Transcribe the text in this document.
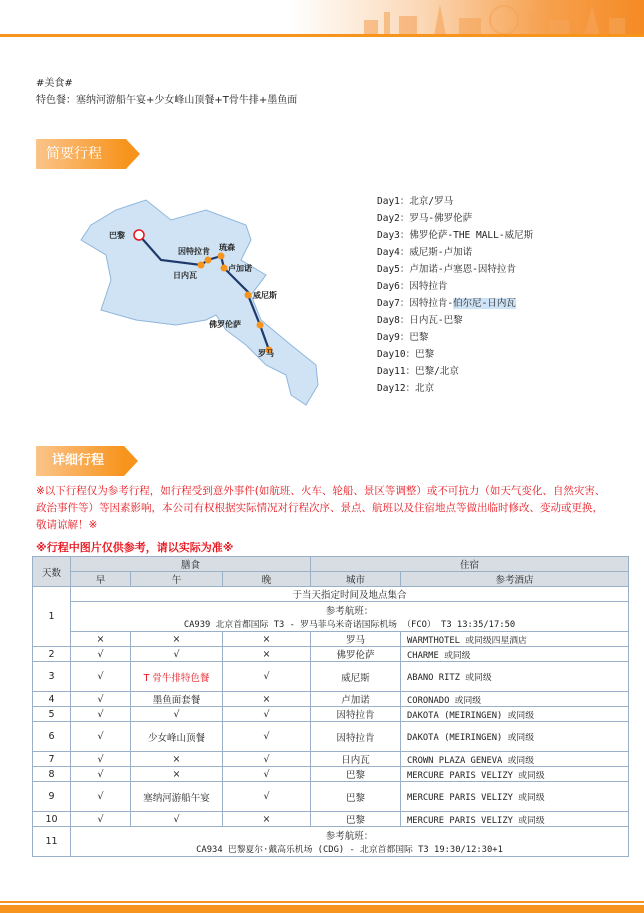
#美食#
特色餐：塞纳河游船午宴+少女峰山顶餐+T骨牛排+墨鱼面
简要行程
巴黎
因特拉肯 琉森
卢加诺
日内瓦
威尼斯
佛罗伦萨
罗马
Day1：北京/罗马
Day2：罗马-佛罗伦萨
Day3：佛罗伦萨-THE MALL-威尼斯
Day4：威尼斯-卢加诺
Day5：卢加诺-卢塞恩-因特拉肯
Day6：因特拉肯
Day7：因特拉肯-伯尔尼-日内瓦
Day8：日内瓦-巴黎
Day9：巴黎
Day10：巴黎
Day11：巴黎/北京
Day12：北京
详细行程
※以下行程仅为参考行程，如行程受到意外事件(如航班、火车、轮船、景区等调整）或不可抗力（如天气变化、自然灾害、政治事件等）等因素影响，本公司有权根据实际情况对行程次序、景点、航班以及住宿地点等做出临时修改、变动或更换，敬请谅解！※
※行程中图片仅供参考，请以实际为准※
天数	膳食			住宿	
	早	午	晚	城市	参考酒店
1	于当天指定时间及地点集合				

	参考航班：
CA939 北京首都国际 T3 - 罗马菲乌米奇诺国际机场 （FCO） T3 13:35/17:50				

	×	×	×	罗马	WARMTHOTEL 或同级四星酒店
2	√	√	×	佛罗伦萨	CHARME 或同级
3	√	T 骨牛排特色餐	√	威尼斯	ABANO RITZ 或同级
4	√	墨鱼面套餐	×	卢加诺	CORONADO 或同级
5	√	√	√	因特拉肯	DAKOTA (MEIRINGEN) 或同级
6	√	少女峰山顶餐	√	因特拉肯	DAKOTA (MEIRINGEN) 或同级
7	√	×	√	日内瓦	CROWN PLAZA GENEVA 或同级
8	√	×	√	巴黎	MERCURE PARIS VELIZY 或同级
9	√	塞纳河游船午宴	√	巴黎	MERCURE PARIS VELIZY 或同级
10	√	√	×	巴黎	MERCURE PARIS VELIZY 或同级
11	参考航班：
CA934 巴黎夏尔·戴高乐机场 (CDG) - 北京首都国际 T3 19:30/12:30+1				
